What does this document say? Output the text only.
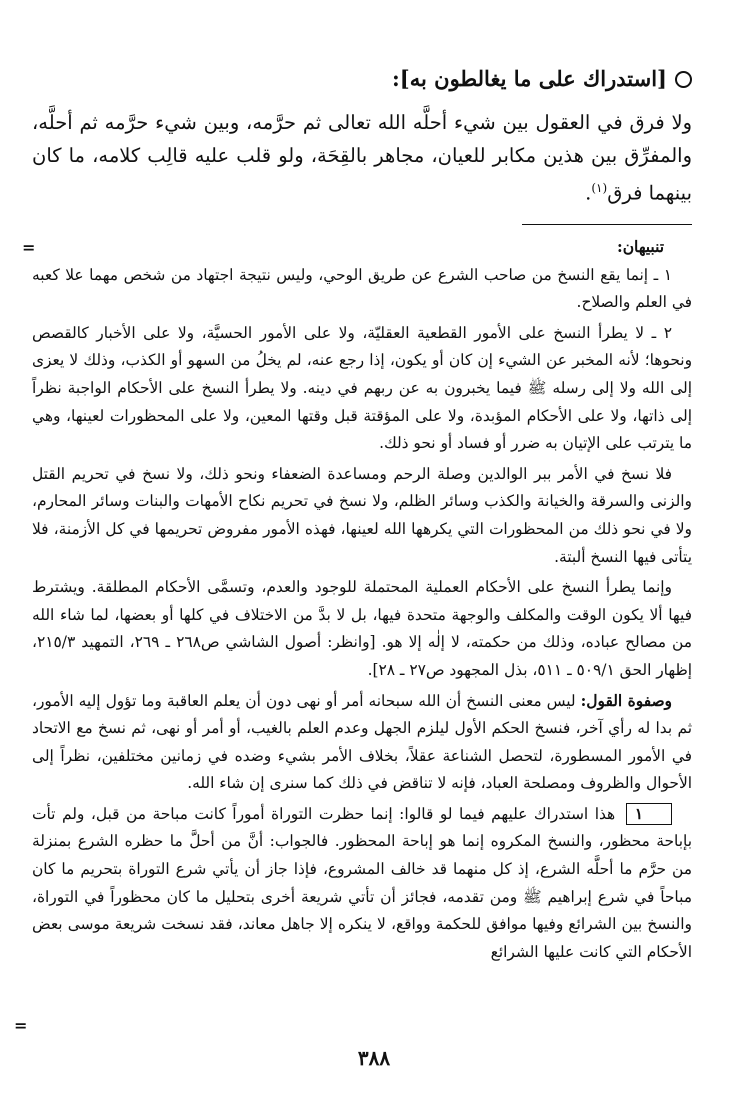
[استدراك على ما يغالطون به]:

ولا فرق في العقول بين شيء أحلَّه الله تعالى ثم حرَّمه، وبين شيء حرَّمه ثم أحلَّه، والمفرِّق بين هذين مكابر للعيان، مجاهر بالقِحَة، ولو قلب عليه قالِب كلامه، ما كان بينهما فرق$^{(١)}$.

=	تنبيهان:

١ ـ إنما يقع النسخ من صاحب الشرع عن طريق الوحي، وليس نتيجة اجتهاد من شخص مهما علا كعبه في العلم والصلاح.

٢ ـ لا يطرأ النسخ على الأمور القطعية العقليّة، ولا على الأمور الحسيَّة، ولا على الأخبار كالقصص ونحوها؛ لأنه المخبر عن الشيء إن كان أو يكون، إذا رجع عنه، لم يخلُ من السهو أو الكذب، وذلك لا يعزى إلى الله ولا إلى رسله ﷺ فيما يخبرون به عن ربهم في دينه. ولا يطرأ النسخ على الأحكام الواجبة نظراً إلى ذاتها، ولا على الأحكام المؤبدة، ولا على المؤقتة قبل وقتها المعين، ولا على المحظورات لعينها، وهي ما يترتب على الإتيان به ضرر أو فساد أو نحو ذلك.

فلا نسخ في الأمر ببر الوالدين وصلة الرحم ومساعدة الضعفاء ونحو ذلك، ولا نسخ في تحريم القتل والزنى والسرقة والخيانة والكذب وسائر الظلم، ولا نسخ في تحريم نكاح الأمهات والبنات وسائر المحارم، ولا في نحو ذلك من المحظورات التي يكرهها الله لعينها، فهذه الأمور مفروض تحريمها في كل الأزمنة، فلا يتأتى فيها النسخ ألبتة.

وإنما يطرأ النسخ على الأحكام العملية المحتملة للوجود والعدم، وتسمَّى الأحكام المطلقة. ويشترط فيها ألا يكون الوقت والمكلف والوجهة متحدة فيها، بل لا بدَّ من الاختلاف في كلها أو بعضها، لما شاء الله من مصالح عباده، وذلك من حكمته، لا إلٰه إلا هو. [وانظر: أصول الشاشي ص٢٦٨ ـ ٢٦٩، التمهيد ٢١٥/٣، إظهار الحق ٥٠٩/١ ـ ٥١١، بذل المجهود ص٢٧ ـ ٢٨].

وصفوة القول: ليس معنى النسخ أن الله سبحانه أمر أو نهى دون أن يعلم العاقبة وما تؤول إليه الأمور، ثم بدا له رأي آخر، فنسخ الحكم الأول ليلزم الجهل وعدم العلم بالغيب، أو أمر أو نهى، ثم نسخ مع الاتحاد في الأمور المسطورة، لتحصل الشناعة عقلاً، بخلاف الأمر بشيء وضده في زمانين مختلفين، نظراً إلى الأحوال والظروف ومصلحة العباد، فإنه لا تناقض في ذلك كما سنرى إن شاء الله.

١ هذا استدراك عليهم فيما لو قالوا: إنما حظرت التوراة أموراً كانت مباحة من قبل، ولم تأت بإباحة محظور، والنسخ المكروه إنما هو إباحة المحظور. فالجواب: أنَّ من أحلَّ ما حظره الشرع بمنزلة من حرَّم ما أحلَّه الشرع، إذ كل منهما قد خالف المشروع، فإذا جاز أن يأتي شرع التوراة بتحريم ما كان مباحاً في شرع إبراهيم ﷺ ومن تقدمه، فجائز أن تأتي شريعة أخرى بتحليل ما كان محظوراً في التوراة، والنسخ بين الشرائع وفيها موافق للحكمة وواقع، لا ينكره إلا جاهل معاند، فقد نسخت شريعة موسى بعض الأحكام التي كانت عليها الشرائع

=
٣٨٨
